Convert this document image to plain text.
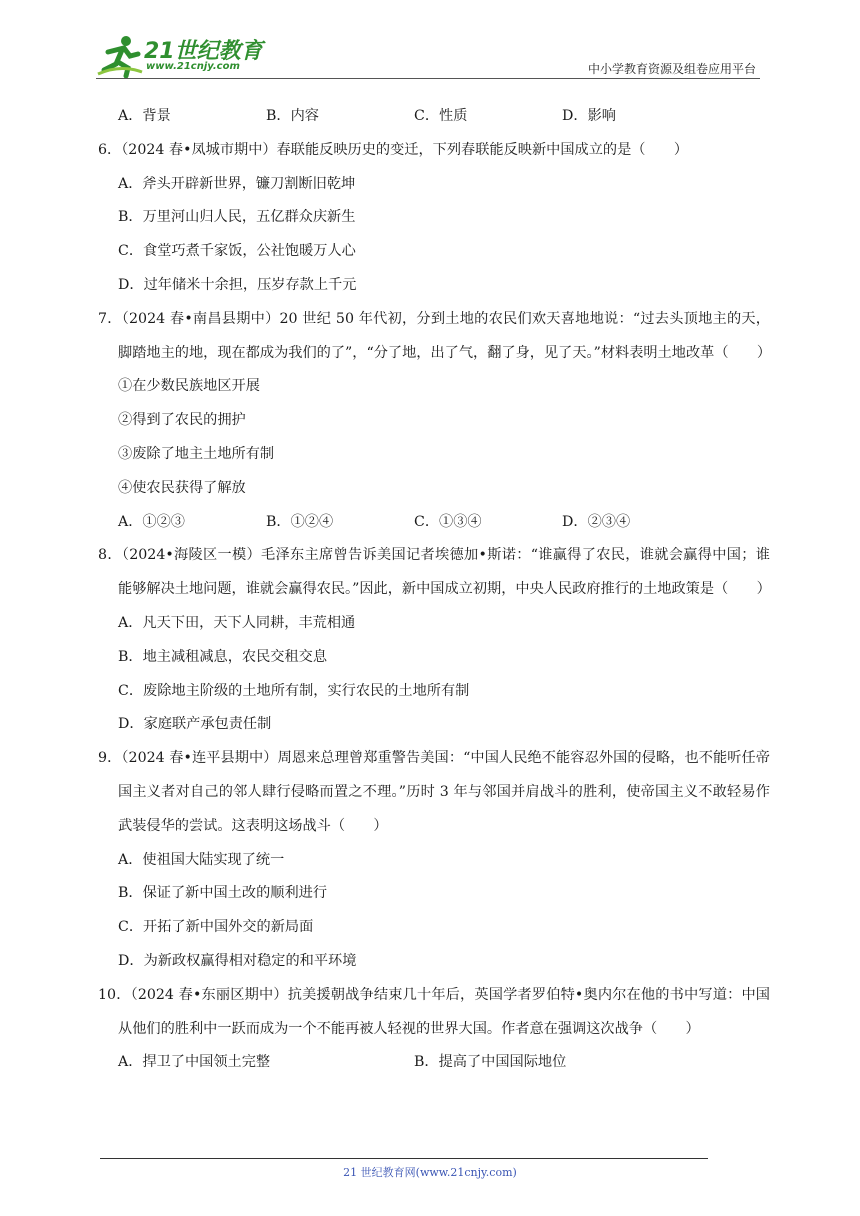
21世纪教育
www.21cnjy.com	中小学教育资源及组卷应用平台
A．背景	B．内容	C．性质	D．影响
6．（2024 春•凤城市期中）春联能反映历史的变迁，下列春联能反映新中国成立的是（　　）
A．斧头开辟新世界，镰刀割断旧乾坤
B．万里河山归人民，五亿群众庆新生
C．食堂巧煮千家饭，公社饱暖万人心
D．过年储米十余担，压岁存款上千元
7．（2024 春•南昌县期中）20 世纪 50 年代初，分到土地的农民们欢天喜地地说：“过去头顶地主的天，脚踏地主的地，现在都成为我们的了”，“分了地，出了气，翻了身，见了天。”材料表明土地改革（　　）
①在少数民族地区开展
②得到了农民的拥护
③废除了地主土地所有制
④使农民获得了解放
A．①②③	B．①②④	C．①③④	D．②③④
8．（2024•海陵区一模）毛泽东主席曾告诉美国记者埃德加•斯诺：“谁赢得了农民，谁就会赢得中国；谁能够解决土地问题，谁就会赢得农民。”因此，新中国成立初期，中央人民政府推行的土地政策是（　　）
A．凡天下田，天下人同耕，丰荒相通
B．地主减租减息，农民交租交息
C．废除地主阶级的土地所有制，实行农民的土地所有制
D．家庭联产承包责任制
9．（2024 春•连平县期中）周恩来总理曾郑重警告美国：“中国人民绝不能容忍外国的侵略，也不能听任帝国主义者对自己的邻人肆行侵略而置之不理。”历时 3 年与邻国并肩战斗的胜利，使帝国主义不敢轻易作武装侵华的尝试。这表明这场战斗（　　）
A．使祖国大陆实现了统一
B．保证了新中国土改的顺利进行
C．开拓了新中国外交的新局面
D．为新政权赢得相对稳定的和平环境
10．（2024 春•东丽区期中）抗美援朝战争结束几十年后，英国学者罗伯特•奥内尔在他的书中写道：中国从他们的胜利中一跃而成为一个不能再被人轻视的世界大国。作者意在强调这次战争（　　）
A．捍卫了中国领土完整	B．提高了中国国际地位
21 世纪教育网(www.21cnjy.com)
